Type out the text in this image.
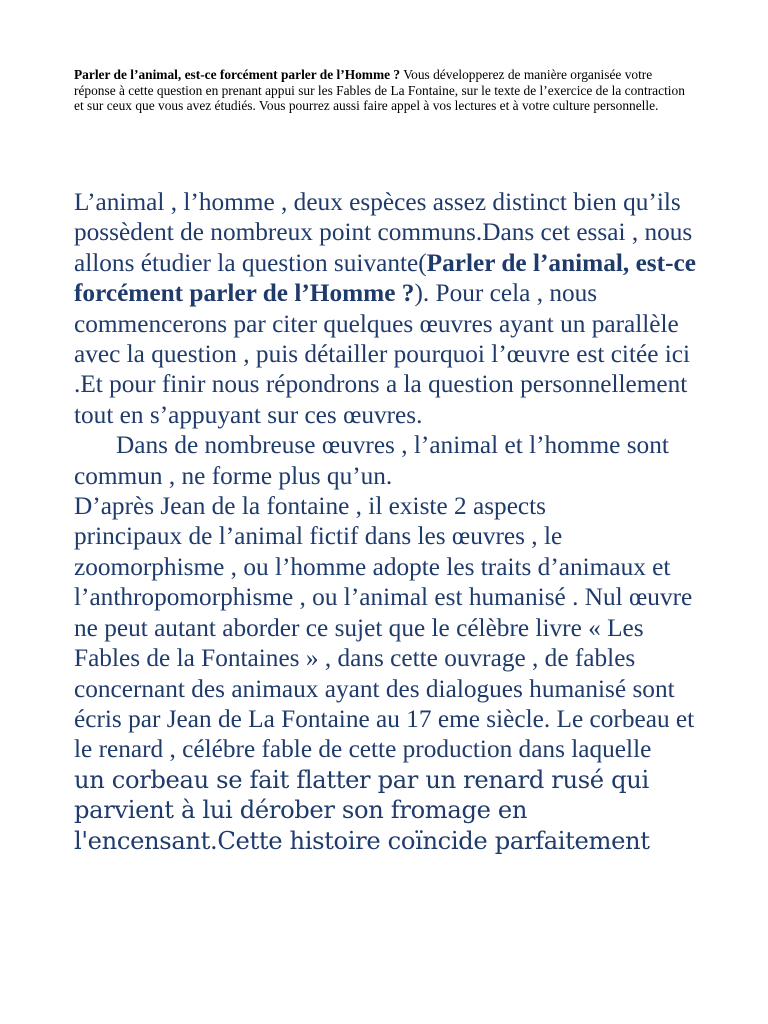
Parler de l’animal, est-ce forcément parler de l’Homme ? Vous développerez de manière organisée votre réponse à cette question en prenant appui sur les Fables de La Fontaine, sur le texte de l’exercice de la contraction et sur ceux que vous avez étudiés. Vous pourrez aussi faire appel à vos lectures et à votre culture personnelle.

L’animal , l’homme , deux espèces assez distinct bien qu’ils possèdent de nombreux point communs.Dans cet essai , nous allons étudier la question suivante(Parler de l’animal, est-ce forcément parler de l’Homme ?). Pour cela , nous commencerons par citer quelques œuvres ayant un parallèle avec la question , puis détailler pourquoi l’œuvre est citée ici .Et pour finir nous répondrons a la question personnellement tout en s’appuyant sur ces œuvres.

Dans de nombreuse œuvres , l’animal et l’homme sont commun , ne forme plus qu’un.

D’après Jean de la fontaine , il existe 2 aspects
principaux de l’animal fictif dans les œuvres , le zoomorphisme , ou l’homme adopte les traits d’animaux et l’anthropomorphisme , ou l’animal est humanisé . Nul œuvre ne peut autant aborder ce sujet que le célèbre livre « Les Fables de la Fontaines » , dans cette ouvrage , de fables concernant des animaux ayant des dialogues humanisé sont écris par Jean de La Fontaine au 17 eme siècle. Le corbeau et le renard , célébre fable de cette production dans laquelle
un corbeau se fait flatter par un renard rusé qui parvient à lui dérober son fromage en l'encensant.Cette histoire coïncide parfaitement
